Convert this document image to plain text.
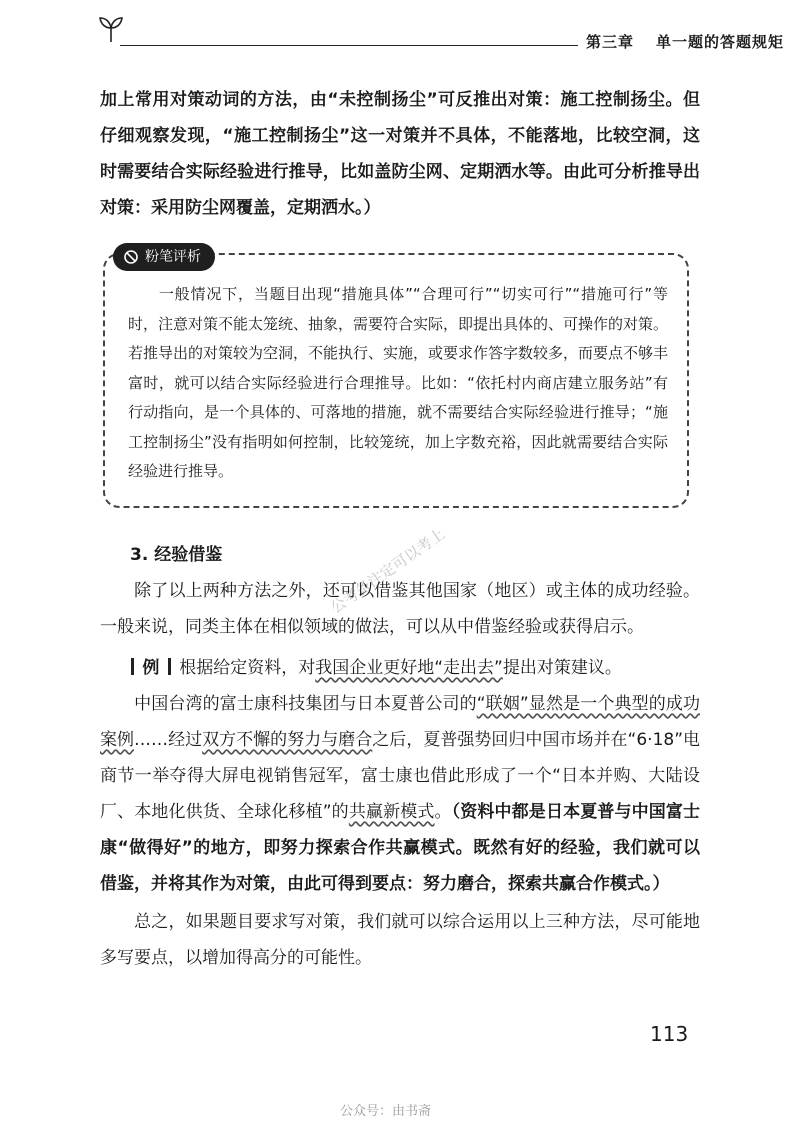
第三章 单一题的答题规矩
加上常用对策动词的方法，由“未控制扬尘”可反推出对策：施工控制扬尘。但仔细观察发现，“施工控制扬尘”这一对策并不具体，不能落地，比较空洞，这时需要结合实际经验进行推导，比如盖防尘网、定期洒水等。由此可分析推导出对策：采用防尘网覆盖，定期洒水。）
粉笔评析
一般情况下，当题目出现“措施具体”“合理可行”“切实可行”“措施可行”等时，注意对策不能太笼统、抽象，需要符合实际，即提出具体的、可操作的对策。若推导出的对策较为空洞，不能执行、实施，或要求作答字数较多，而要点不够丰富时，就可以结合实际经验进行合理推导。比如：“依托村内商店建立服务站”有行动指向，是一个具体的、可落地的措施，就不需要结合实际经验进行推导；“施工控制扬尘”没有指明如何控制，比较笼统，加上字数充裕，因此就需要结合实际经验进行推导。
公考备注定可以考上
3. 经验借鉴
除了以上两种方法之外，还可以借鉴其他国家（地区）或主体的成功经验。一般来说，同类主体在相似领域的做法，可以从中借鉴经验或获得启示。
例 根据给定资料，对我国企业更好地“走出去”提出对策建议。
中国台湾的富士康科技集团与日本夏普公司的“联姻”显然是一个典型的成功案例……经过双方不懈的努力与磨合之后，夏普强势回归中国市场并在“6·18”电商节一举夺得大屏电视销售冠军，富士康也借此形成了一个“日本并购、大陆设厂、本地化供货、全球化移植”的共赢新模式。（资料中都是日本夏普与中国富士康“做得好”的地方，即努力探索合作共赢模式。既然有好的经验，我们就可以借鉴，并将其作为对策，由此可得到要点：努力磨合，探索共赢合作模式。）
总之，如果题目要求写对策，我们就可以综合运用以上三种方法，尽可能地多写要点，以增加得高分的可能性。
113
公众号：由书斋
